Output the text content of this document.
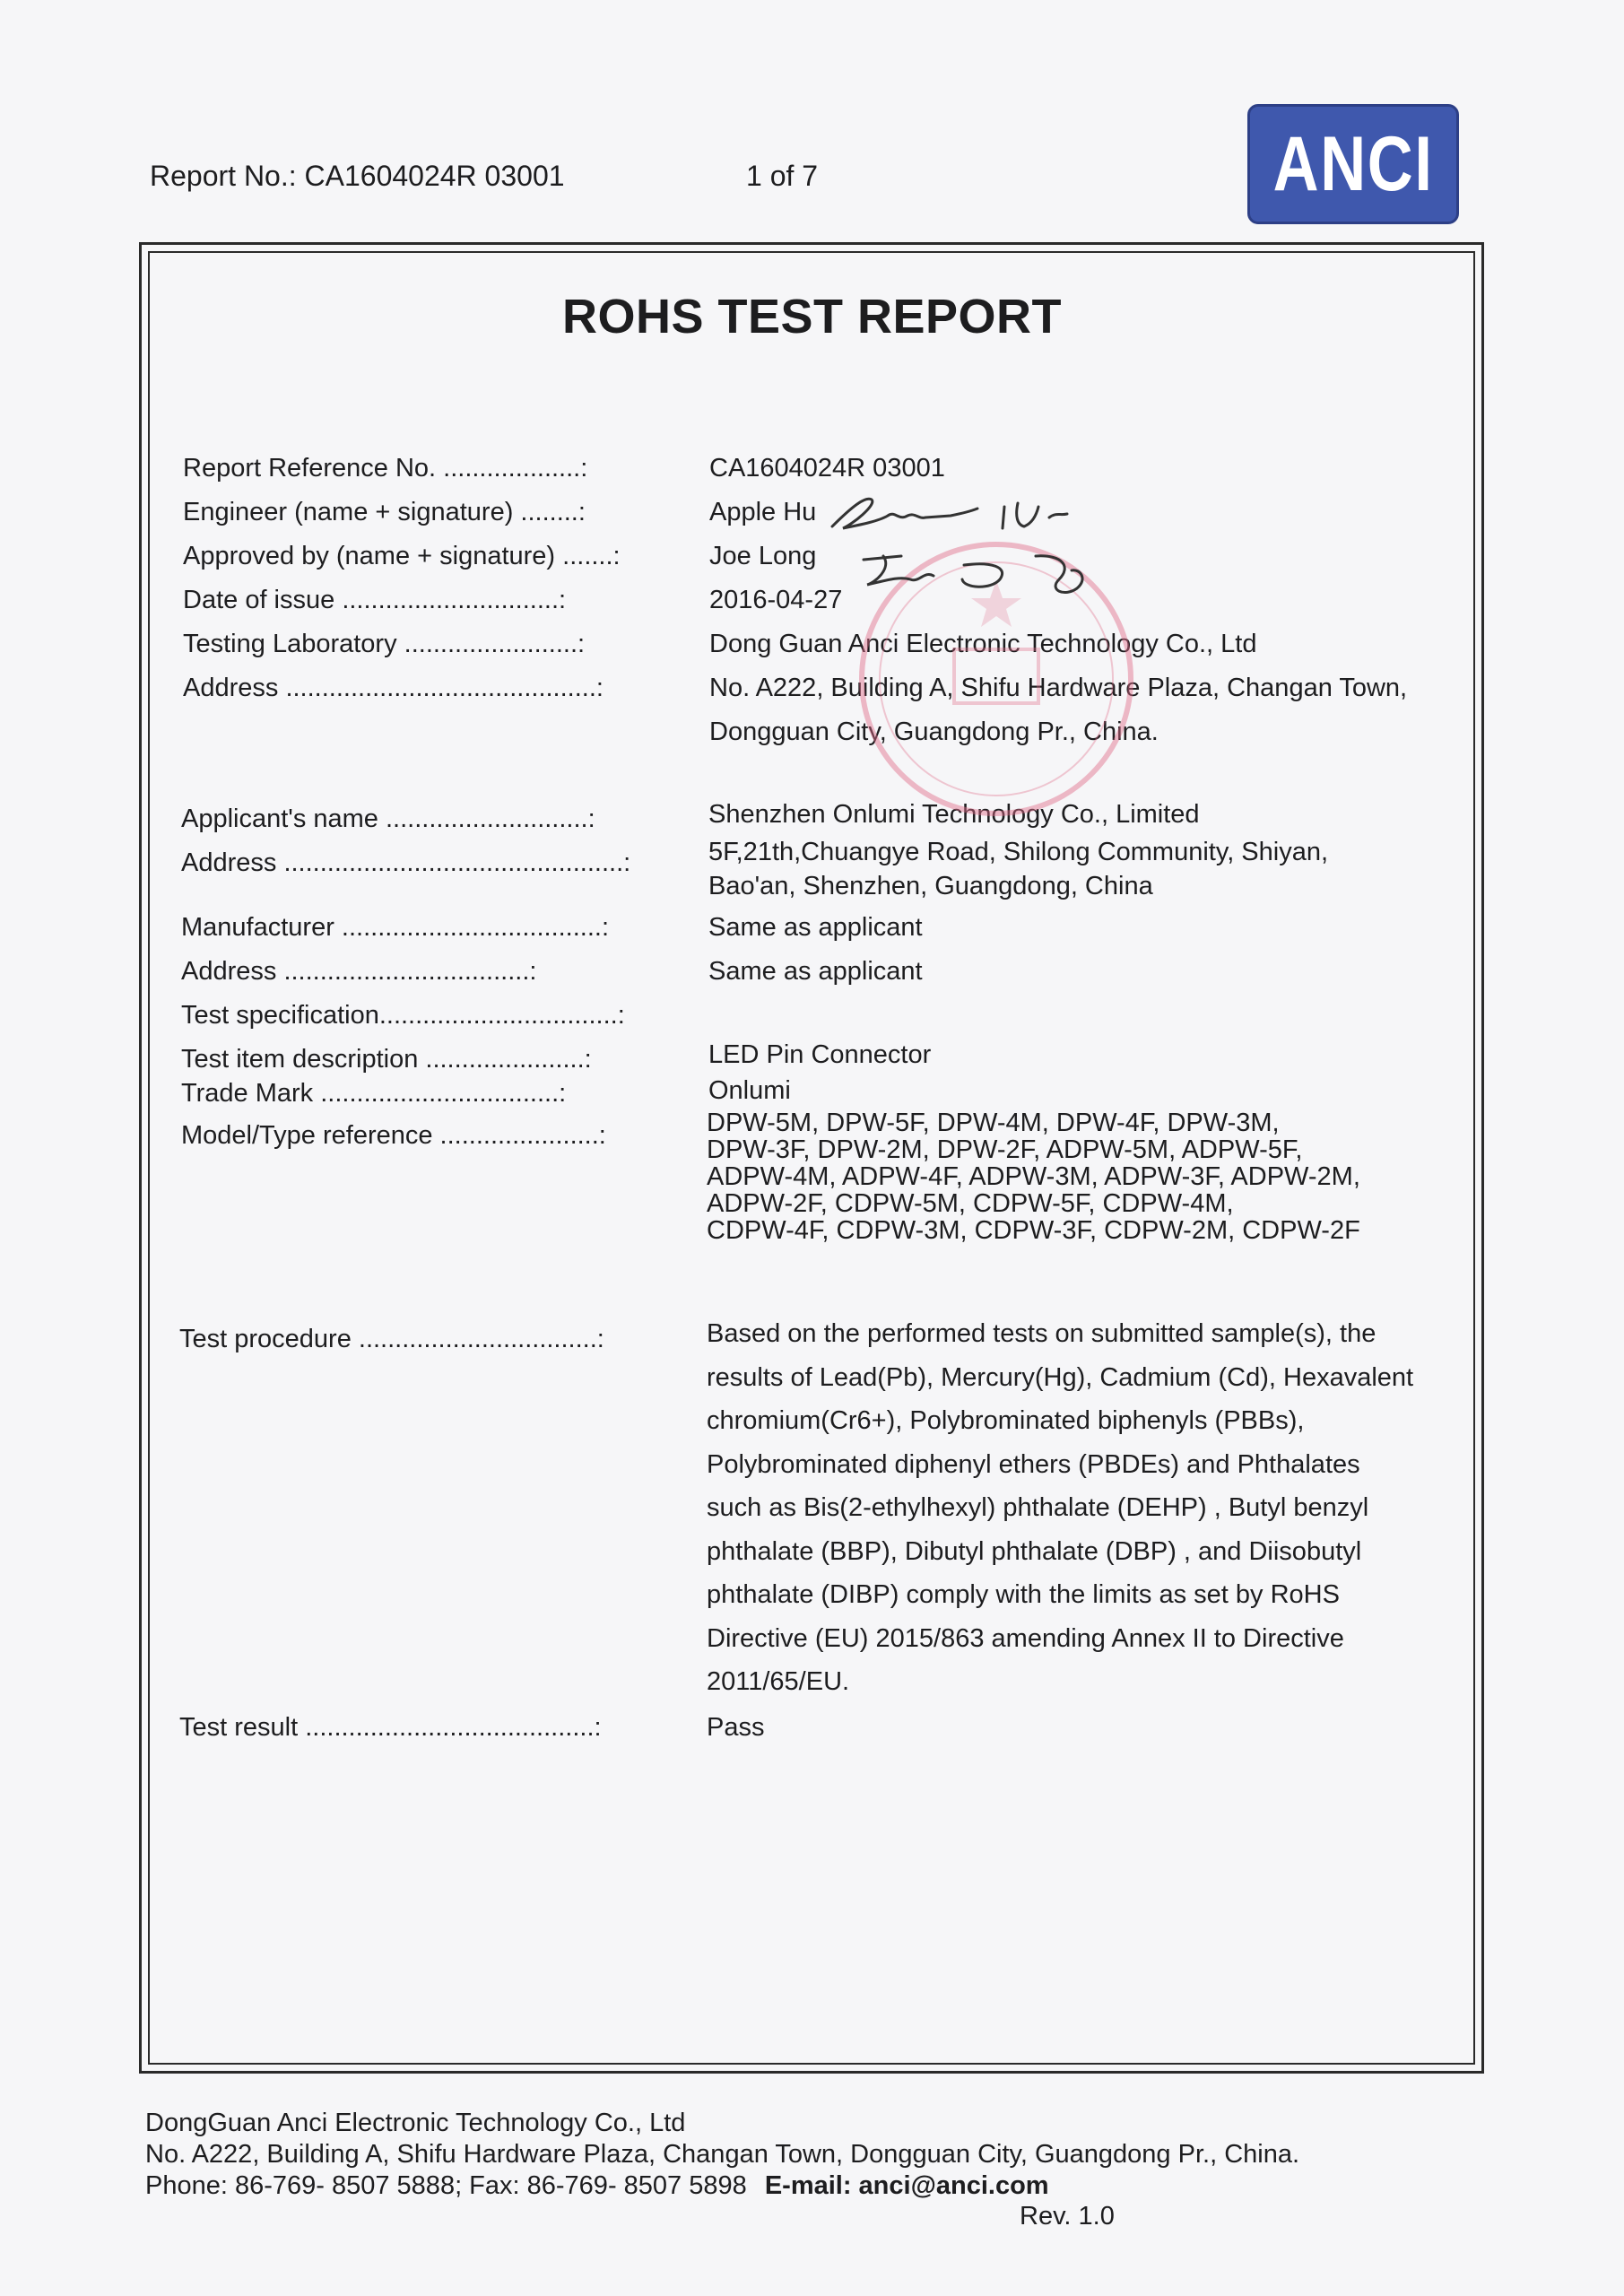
Report No.: CA1604024R 03001	1 of 7	ANCI
ROHS TEST REPORT
Report Reference No. ...................:
Engineer (name + signature) ........:
Approved by (name + signature) .......:
Date of issue ..............................:
Testing Laboratory ........................:
Address ...........................................:
Applicant's name ............................:
Address ...............................................:
Manufacturer ....................................:
Address ..................................:
Test specification.................................:
Test item description ......................:
Trade Mark .................................:
Model/Type reference ......................:
Test procedure .................................:
Test result ........................................:
CA1604024R 03001
Apple Hu
Joe Long
2016-04-27
Dong Guan Anci Electronic Technology Co., Ltd
No. A222, Building A, Shifu Hardware Plaza, Changan Town,
Dongguan City, Guangdong Pr., China.
Shenzhen Onlumi Technology Co., Limited
5F,21th,Chuangye Road, Shilong Community, Shiyan,
Bao'an, Shenzhen, Guangdong, China
Same as applicant
Same as applicant
LED Pin Connector
Onlumi
DPW-5M, DPW-5F, DPW-4M, DPW-4F, DPW-3M,
DPW-3F, DPW-2M, DPW-2F, ADPW-5M, ADPW-5F,
ADPW-4M, ADPW-4F, ADPW-3M, ADPW-3F, ADPW-2M,
ADPW-2F, CDPW-5M, CDPW-5F, CDPW-4M,
CDPW-4F, CDPW-3M, CDPW-3F, CDPW-2M, CDPW-2F
Based on the performed tests on submitted sample(s), the
results of Lead(Pb), Mercury(Hg), Cadmium (Cd), Hexavalent
chromium(Cr6+), Polybrominated biphenyls (PBBs),
Polybrominated diphenyl ethers (PBDEs) and Phthalates
such as Bis(2-ethylhexyl) phthalate (DEHP) , Butyl benzyl
phthalate (BBP), Dibutyl phthalate (DBP) , and Diisobutyl
phthalate (DIBP) comply with the limits as set by RoHS
Directive (EU) 2015/863 amending Annex II to Directive
2011/65/EU.
Pass
DongGuan Anci Electronic Technology Co., Ltd
No. A222, Building A, Shifu Hardware Plaza, Changan Town, Dongguan City, Guangdong Pr., China.
Phone: 86-769- 8507 5888; Fax: 86-769- 8507 5898 E-mail: anci@anci.com
Rev. 1.0
